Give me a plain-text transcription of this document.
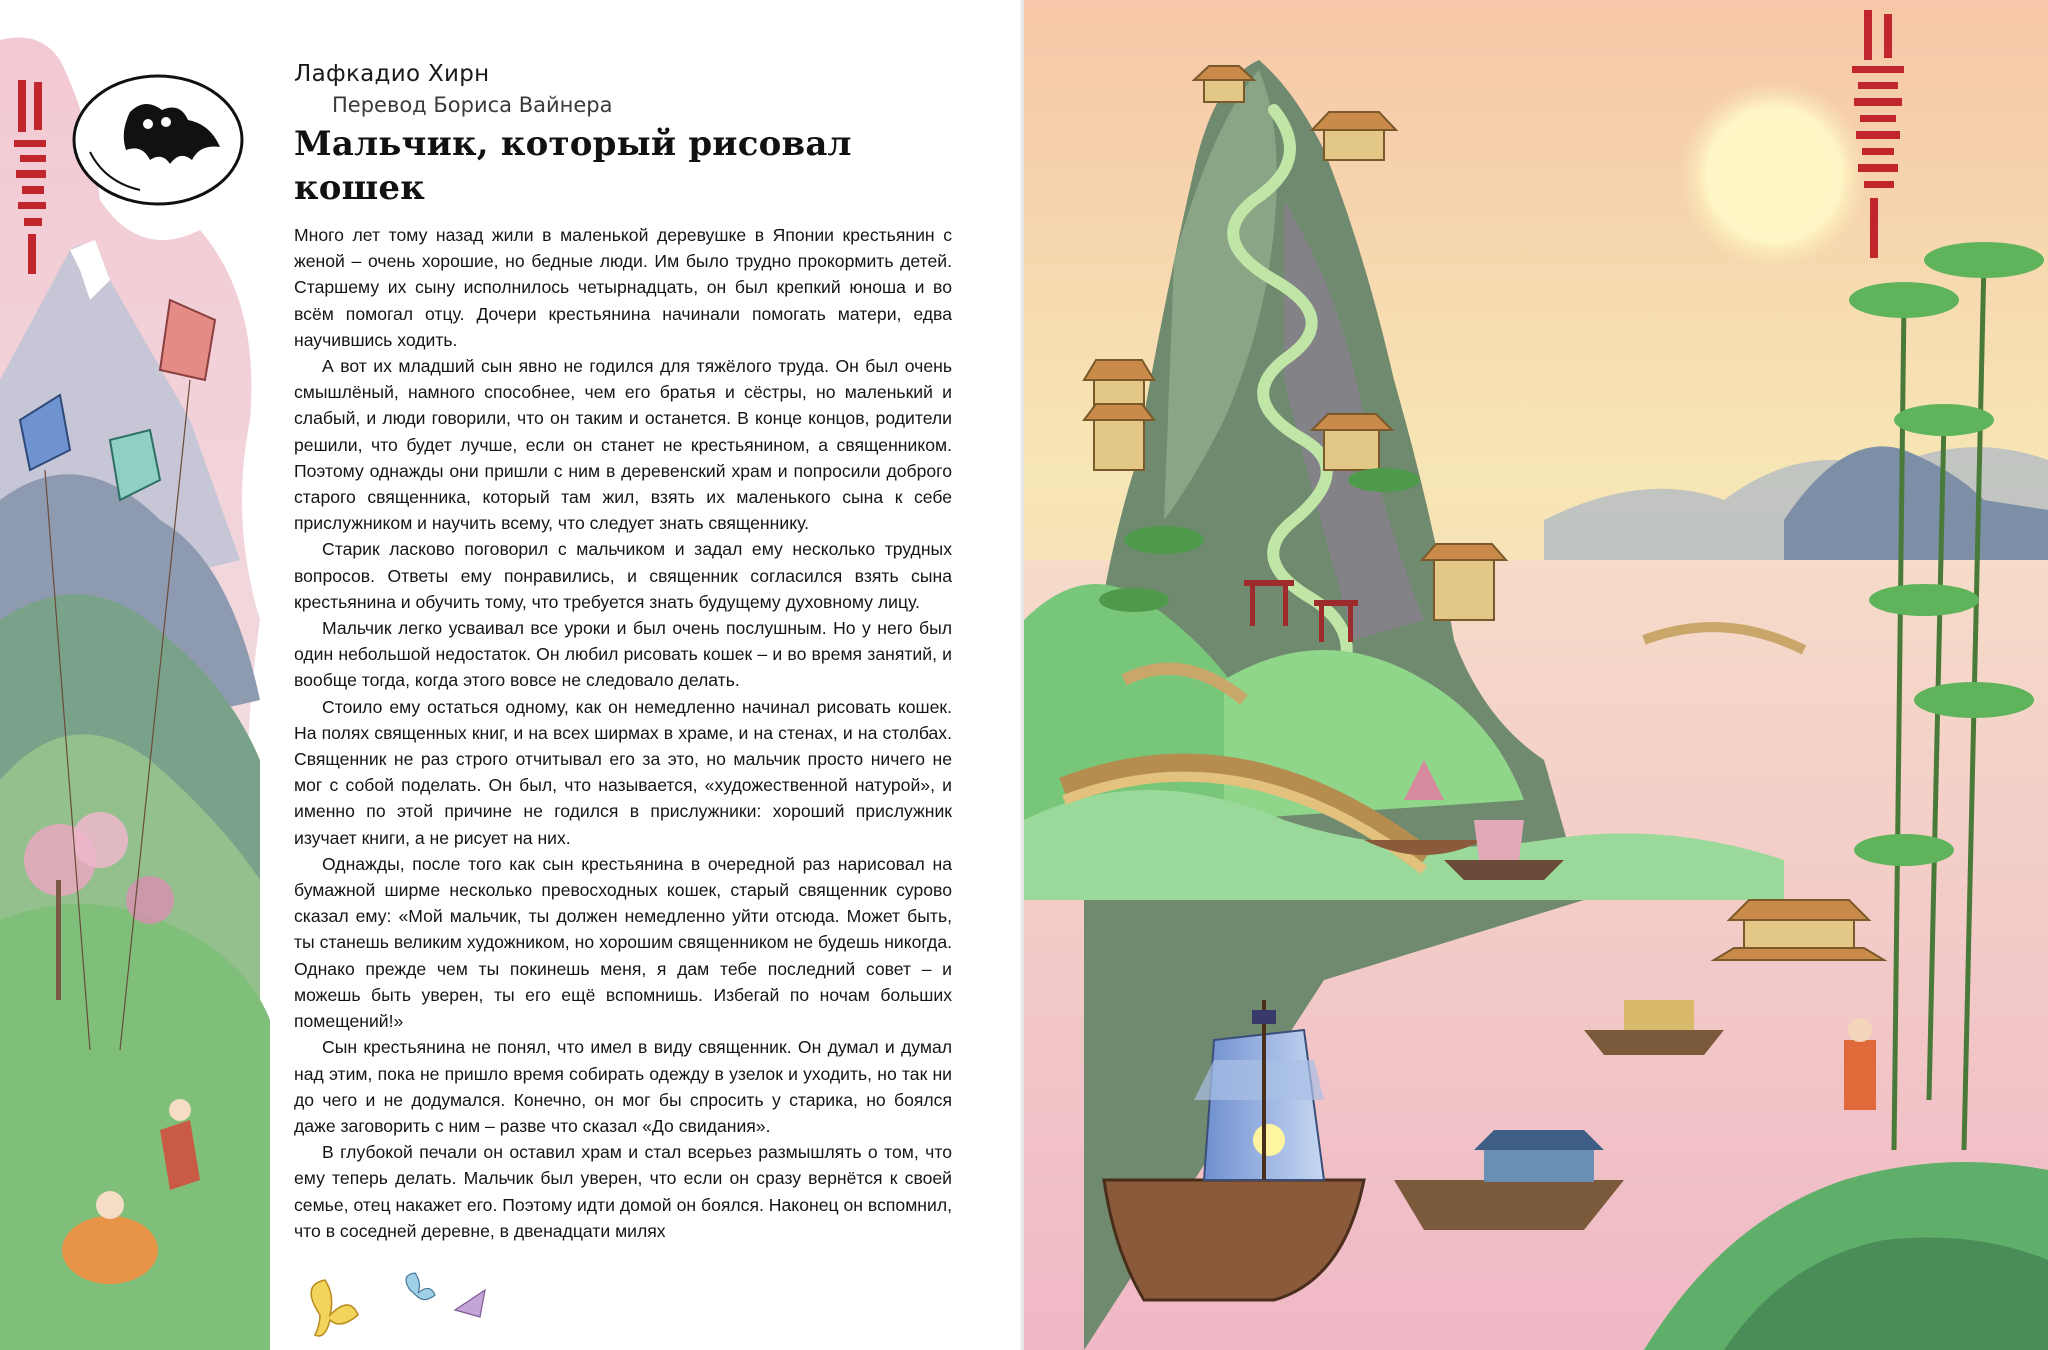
Лафкадио Хирн

Перевод Бориса Вайнера

Мальчик, который рисовал кошек

Много лет тому назад жили в маленькой деревушке в Японии крестьянин с женой – очень хорошие, но бедные люди. Им было трудно прокормить детей. Старшему их сыну исполнилось четырнадцать, он был крепкий юноша и во всём помогал отцу. Дочери крестьянина начинали помогать матери, едва научившись ходить.

А вот их младший сын явно не годился для тяжёлого труда. Он был очень смышлёный, намного способнее, чем его братья и сёстры, но маленький и слабый, и люди говорили, что он таким и останется. В конце концов, родители решили, что будет лучше, если он станет не крестьянином, а священником. Поэтому однажды они пришли с ним в деревенский храм и попросили доброго старого священника, который там жил, взять их маленького сына к себе прислужником и научить всему, что следует знать священнику.

Старик ласково поговорил с мальчиком и задал ему несколько трудных вопросов. Ответы ему понравились, и священник согласился взять сына крестьянина и обучить тому, что требуется знать будущему духовному лицу.

Мальчик легко усваивал все уроки и был очень послушным. Но у него был один небольшой недостаток. Он любил рисовать кошек – и во время занятий, и вообще тогда, когда этого вовсе не следовало делать.

Стоило ему остаться одному, как он немедленно начинал рисовать кошек. На полях священных книг, и на всех ширмах в храме, и на стенах, и на столбах. Священник не раз строго отчитывал его за это, но мальчик просто ничего не мог с собой поделать. Он был, что называется, «художественной натурой», и именно по этой причине не годился в прислужники: хороший прислужник изучает книги, а не рисует на них.

Однажды, после того как сын крестьянина в очередной раз нарисовал на бумажной ширме несколько превосходных кошек, старый священник сурово сказал ему: «Мой мальчик, ты должен немедленно уйти отсюда. Может быть, ты станешь великим художником, но хорошим священником не будешь никогда. Однако прежде чем ты покинешь меня, я дам тебе последний совет – и можешь быть уверен, ты его ещё вспомнишь. Избегай по ночам больших помещений!»

Сын крестьянина не понял, что имел в виду священник. Он думал и думал над этим, пока не пришло время собирать одежду в узелок и уходить, но так ни до чего и не додумался. Конечно, он мог бы спросить у старика, но боялся даже заговорить с ним – разве что сказал «До свидания».

В глубокой печали он оставил храм и стал всерьез размышлять о том, что ему теперь делать. Мальчик был уверен, что если он сразу вернётся к своей семье, отец накажет его. Поэтому идти домой он боялся. Наконец он вспомнил, что в соседней деревне, в двенадцати милях
